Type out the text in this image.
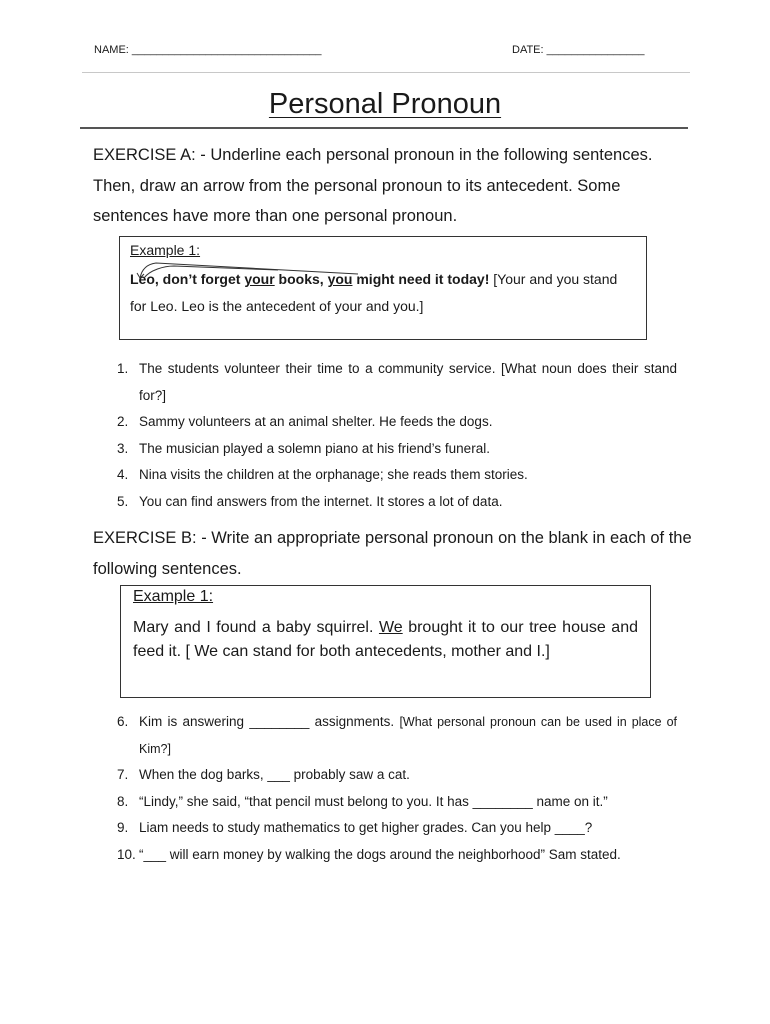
NAME: _______________________________	DATE: ________________
Personal Pronoun
EXERCISE A: - Underline each personal pronoun in the following sentences. Then, draw an arrow from the personal pronoun to its antecedent. Some sentences have more than one personal pronoun.
Example 1:
Leo, don’t forget your books, you might need it today! [Your and you stand for Leo. Leo is the antecedent of your and you.]
1. The students volunteer their time to a community service. [What noun does their stand for?]
2. Sammy volunteers at an animal shelter. He feeds the dogs.
3. The musician played a solemn piano at his friend’s funeral.
4. Nina visits the children at the orphanage; she reads them stories.
5. You can find answers from the internet. It stores a lot of data.
EXERCISE B: - Write an appropriate personal pronoun on the blank in each of the following sentences.
Example 1:
Mary and I found a baby squirrel. We brought it to our tree house and feed it. [ We can stand for both antecedents, mother and I.]
6. Kim is answering ________ assignments. [What personal pronoun can be used in place of Kim?]
7. When the dog barks, ___ probably saw a cat.
8. “Lindy,” she said, “that pencil must belong to you. It has ________ name on it.”
9. Liam needs to study mathematics to get higher grades. Can you help ____?
10. “___ will earn money by walking the dogs around the neighborhood” Sam stated.
